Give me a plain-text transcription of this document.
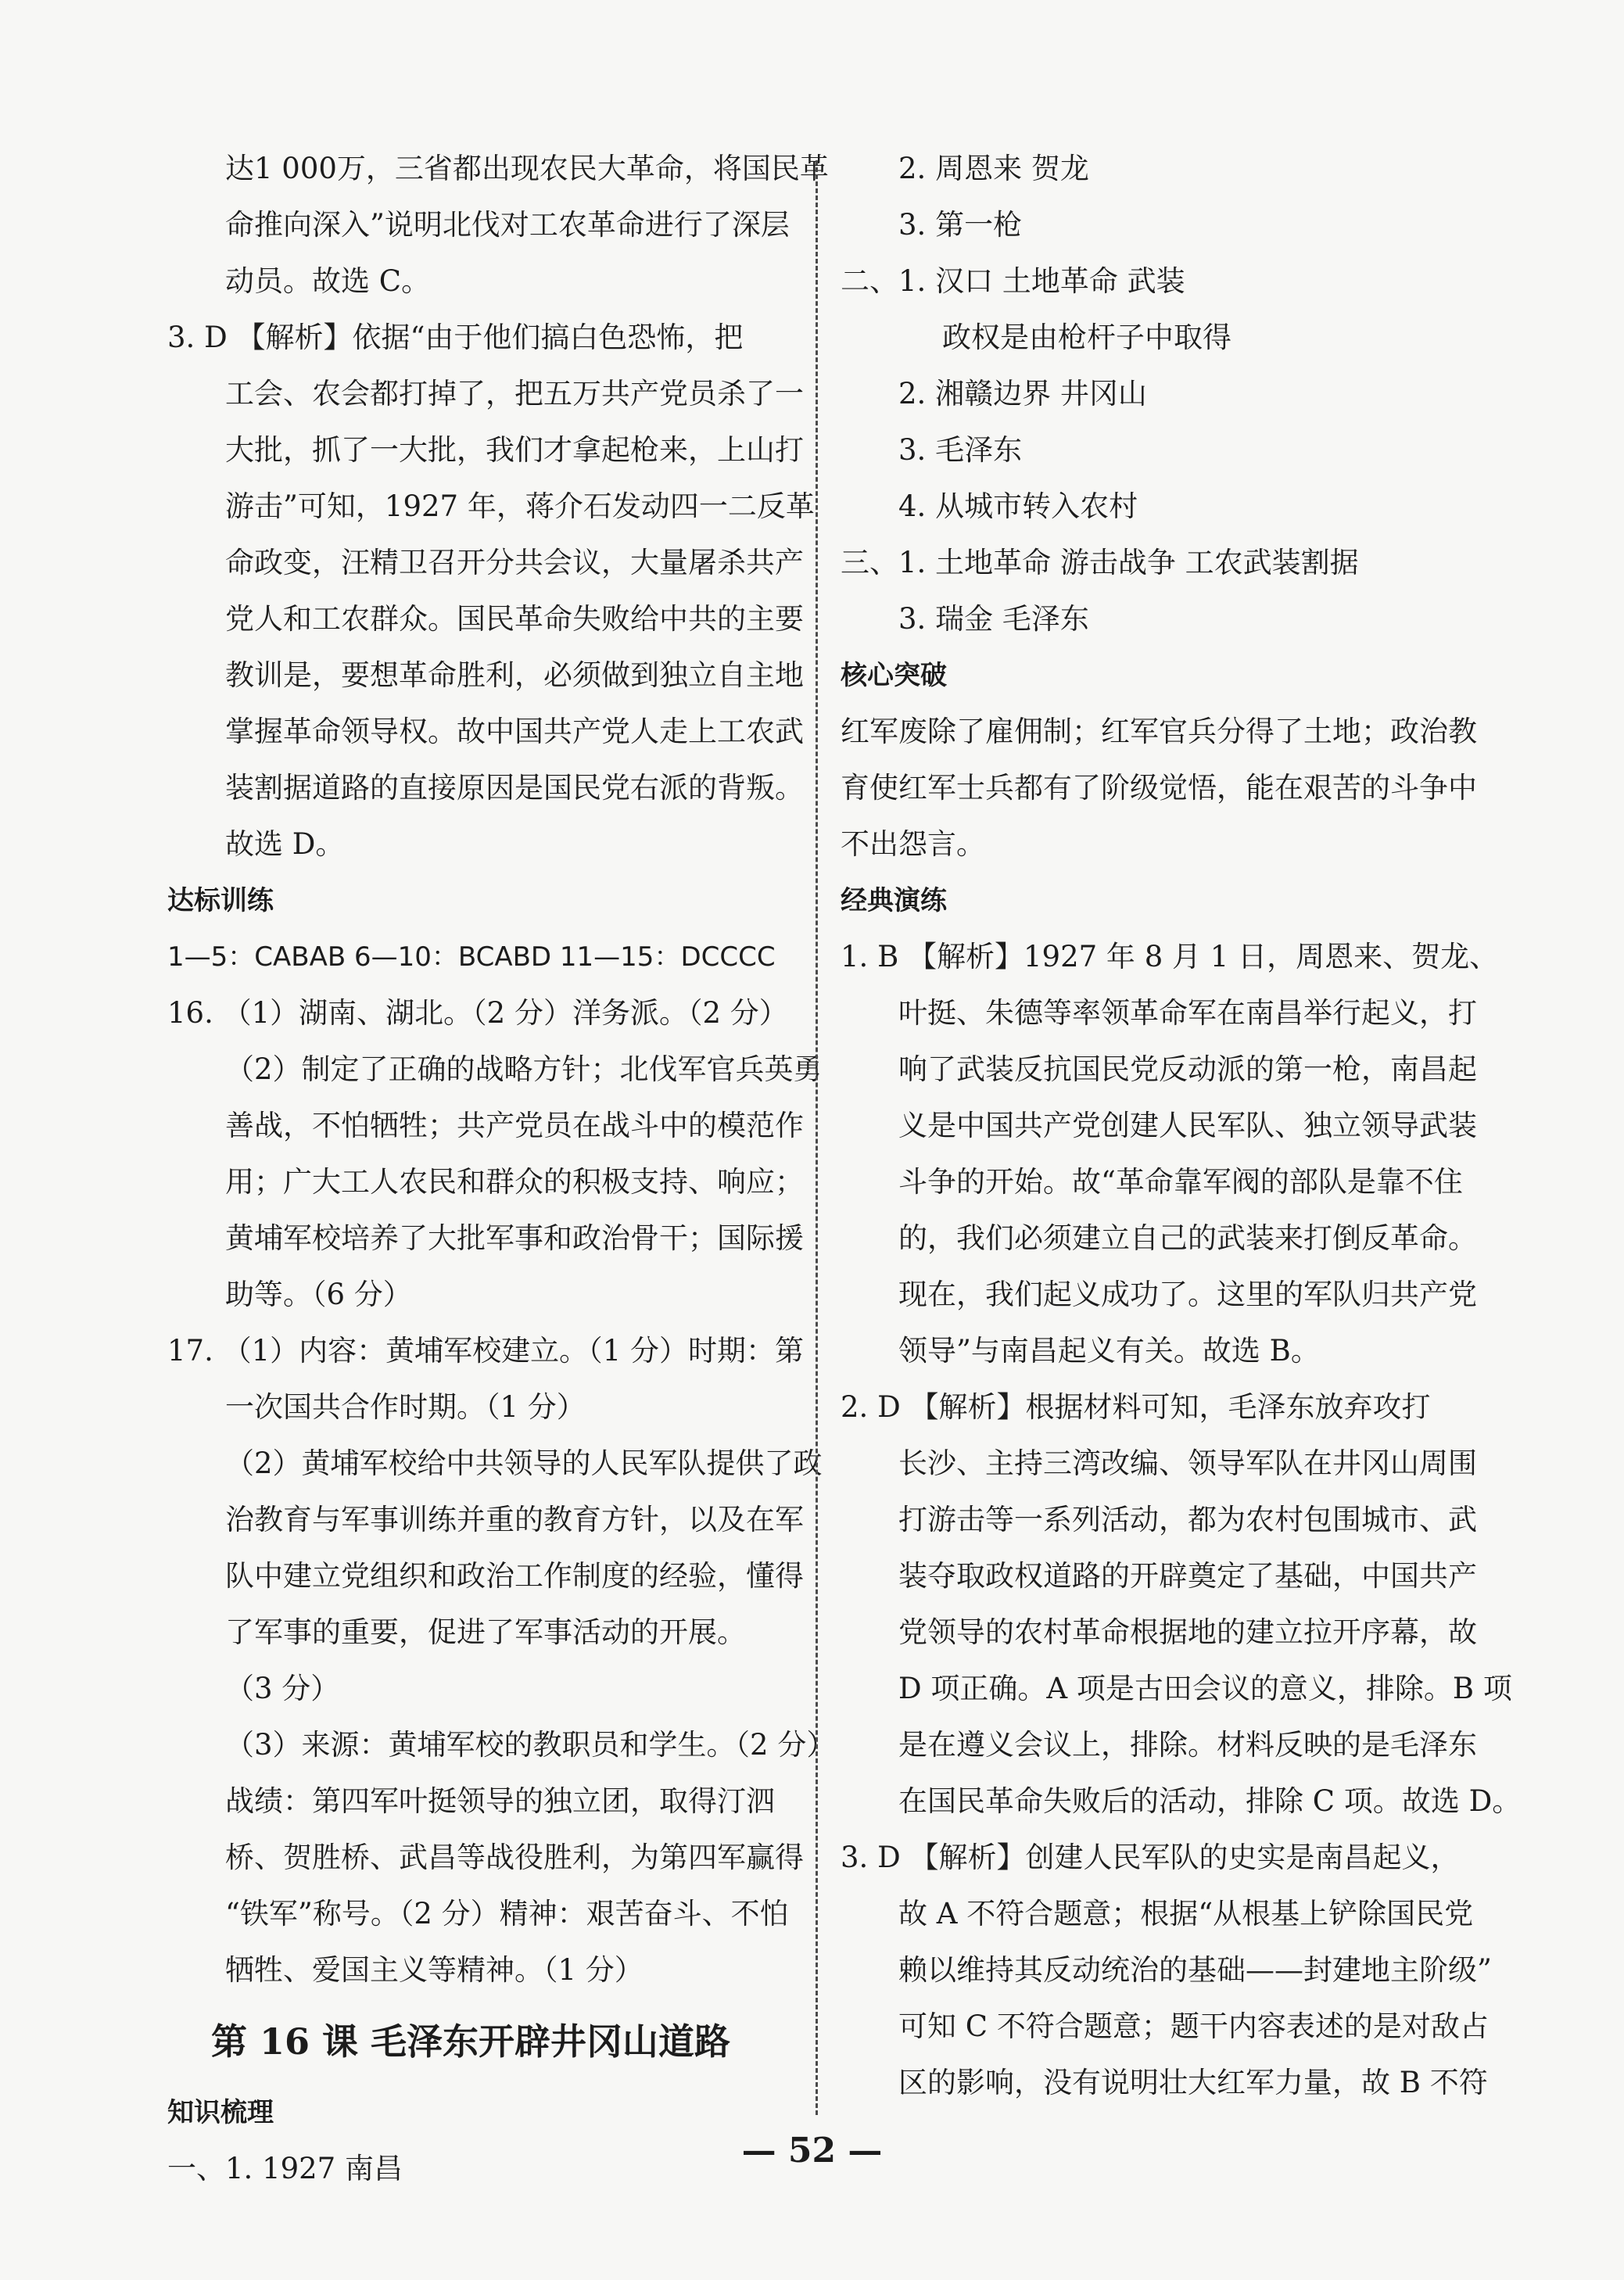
达1 000万，三省都出现农民大革命，将国民革
命推向深入”说明北伐对工农革命进行了深层
动员。故选 C。
3. D 【解析】依据“由于他们搞白色恐怖，把
工会、农会都打掉了，把五万共产党员杀了一
大批，抓了一大批，我们才拿起枪来，上山打
游击”可知，1927 年，蒋介石发动四一二反革
命政变，汪精卫召开分共会议，大量屠杀共产
党人和工农群众。国民革命失败给中共的主要
教训是，要想革命胜利，必须做到独立自主地
掌握革命领导权。故中国共产党人走上工农武
装割据道路的直接原因是国民党右派的背叛。
故选 D。
达标训练
1—5：CABAB 6—10：BCABD 11—15：DCCCC
16. （1）湖南、湖北。（2 分）洋务派。（2 分）
（2）制定了正确的战略方针；北伐军官兵英勇
善战，不怕牺牲；共产党员在战斗中的模范作
用；广大工人农民和群众的积极支持、响应；
黄埔军校培养了大批军事和政治骨干；国际援
助等。（6 分）
17. （1）内容：黄埔军校建立。（1 分）时期：第
一次国共合作时期。（1 分）
（2）黄埔军校给中共领导的人民军队提供了政
治教育与军事训练并重的教育方针，以及在军
队中建立党组织和政治工作制度的经验，懂得
了军事的重要，促进了军事活动的开展。
（3 分）
（3）来源：黄埔军校的教职员和学生。（2 分）
战绩：第四军叶挺领导的独立团，取得汀泗
桥、贺胜桥、武昌等战役胜利，为第四军赢得
“铁军”称号。（2 分）精神：艰苦奋斗、不怕
牺牲、爱国主义等精神。（1 分）
第 16 课 毛泽东开辟井冈山道路
知识梳理
一、1. 1927 南昌
2. 周恩来 贺龙
3. 第一枪
二、1. 汉口 土地革命 武装
政权是由枪杆子中取得
2. 湘赣边界 井冈山
3. 毛泽东
4. 从城市转入农村
三、1. 土地革命 游击战争 工农武装割据
3. 瑞金 毛泽东
核心突破
红军废除了雇佣制；红军官兵分得了土地；政治教
育使红军士兵都有了阶级觉悟，能在艰苦的斗争中
不出怨言。
经典演练
1. B 【解析】1927 年 8 月 1 日，周恩来、贺龙、
叶挺、朱德等率领革命军在南昌举行起义，打
响了武装反抗国民党反动派的第一枪，南昌起
义是中国共产党创建人民军队、独立领导武装
斗争的开始。故“革命靠军阀的部队是靠不住
的，我们必须建立自己的武装来打倒反革命。
现在，我们起义成功了。这里的军队归共产党
领导”与南昌起义有关。故选 B。
2. D 【解析】根据材料可知，毛泽东放弃攻打
长沙、主持三湾改编、领导军队在井冈山周围
打游击等一系列活动，都为农村包围城市、武
装夺取政权道路的开辟奠定了基础，中国共产
党领导的农村革命根据地的建立拉开序幕，故
D 项正确。A 项是古田会议的意义，排除。B 项
是在遵义会议上，排除。材料反映的是毛泽东
在国民革命失败后的活动，排除 C 项。故选 D。
3. D 【解析】创建人民军队的史实是南昌起义，
故 A 不符合题意；根据“从根基上铲除国民党
赖以维持其反动统治的基础——封建地主阶级”
可知 C 不符合题意；题干内容表述的是对敌占
区的影响，没有说明壮大红军力量，故 B 不符
— 52 —
